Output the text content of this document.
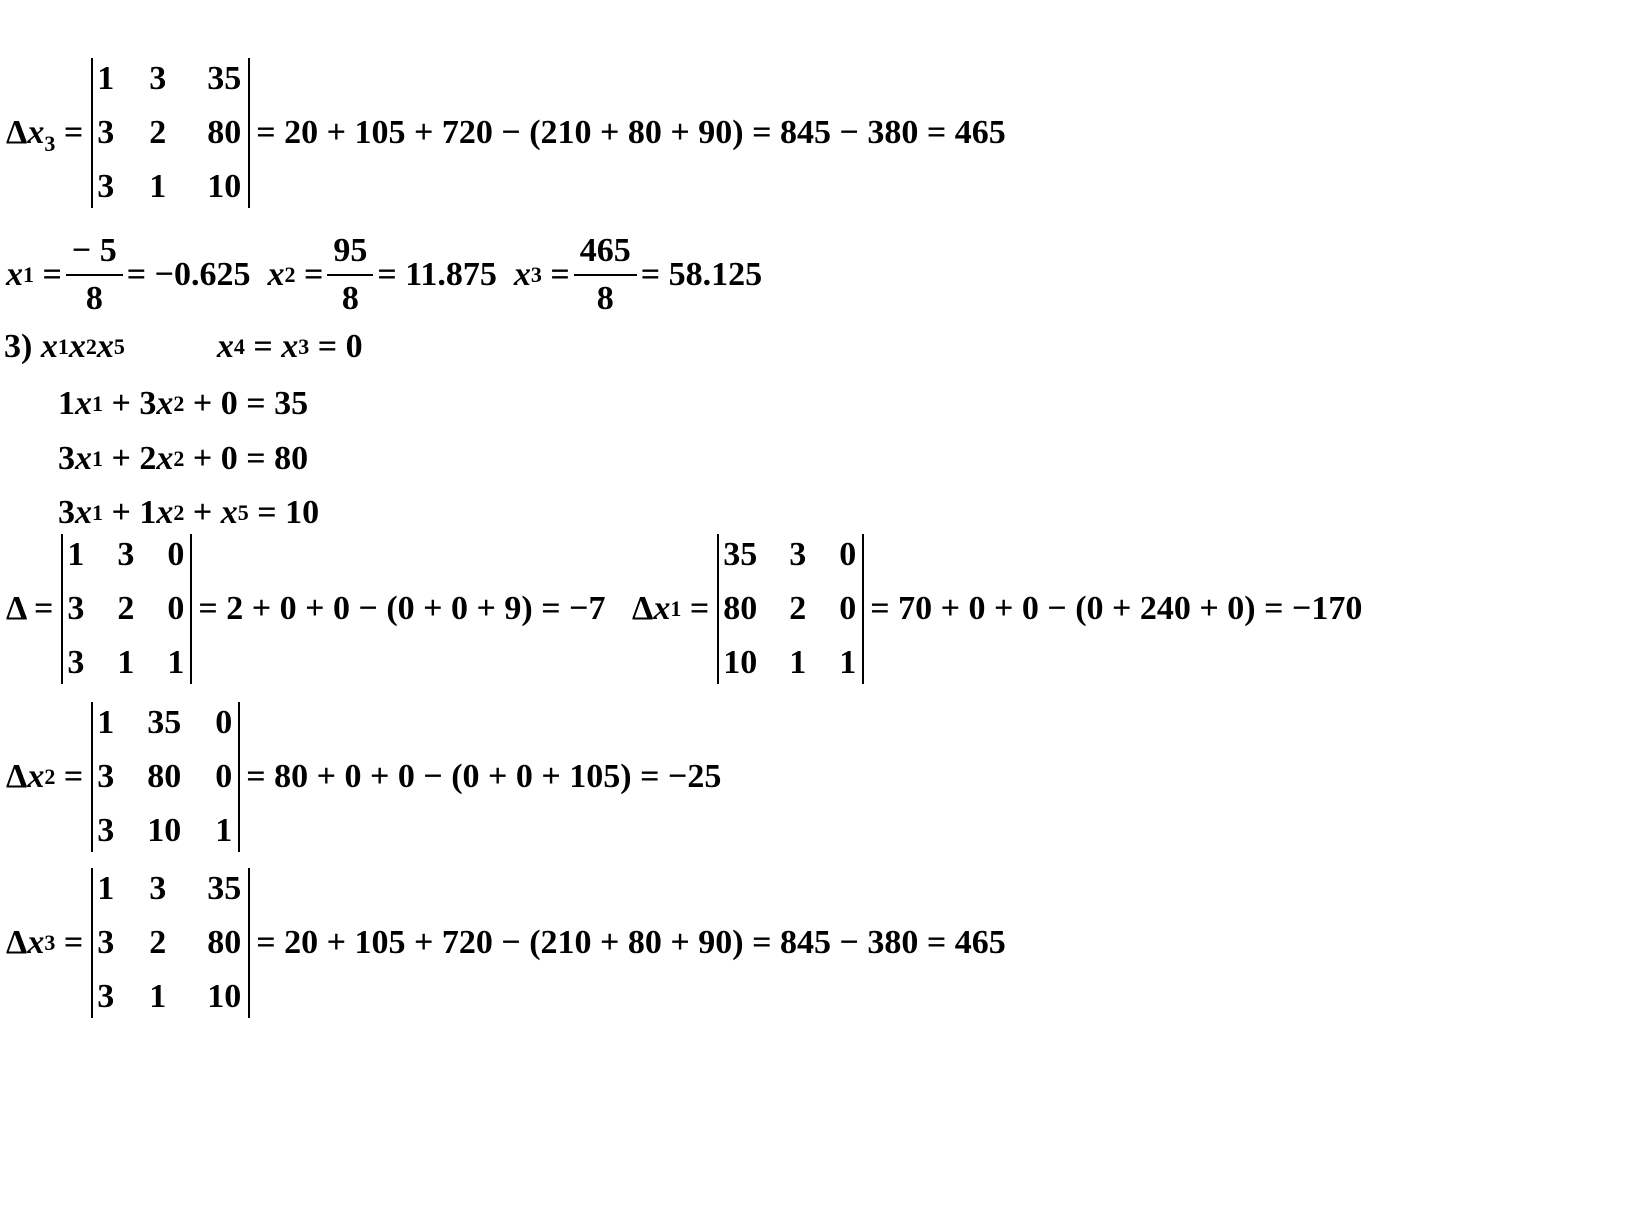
$\Delta x_3$ =
1	3	35
3	2	80
3	1	10
= 20 + 105 + 720 − (210 + 80 + 90) = 845 − 380 = 465
x $1 = \frac{- 5}{8} = -0.625$
x $2 = \frac{95}{8} = 11.875$
x $3 = \frac{465}{8} = 58.125$
3)
x 1 x 2 x 5	x 4 = x 3
= 0
1 x 1
+
3 x 2
+
0
= 35
3 x 1
+
2 x 2
+
0
= 80
3 x 1
+
1 x 2
+
x 5
= 10
Δ =
1 3 0
3 2 0
3 1 1
= 2 + 0 + 0 − (0 + 0 + 9) = −7 Δ x 1 =
35 3 0
80 2 0
10 1 1
= 70 + 0 + 0 − (0 + 240 + 0) = −170
Δ x 2 =
1 35	0
3 80	0
3 10	1
= 80 + 0 + 0 − (0 + 0 + 105) = −25
Δ x 3 =
1	3	35
3	2	80
3	1	10
= 20 + 105 + 720 − (210 + 80 + 90) = 845 − 380 = 465
